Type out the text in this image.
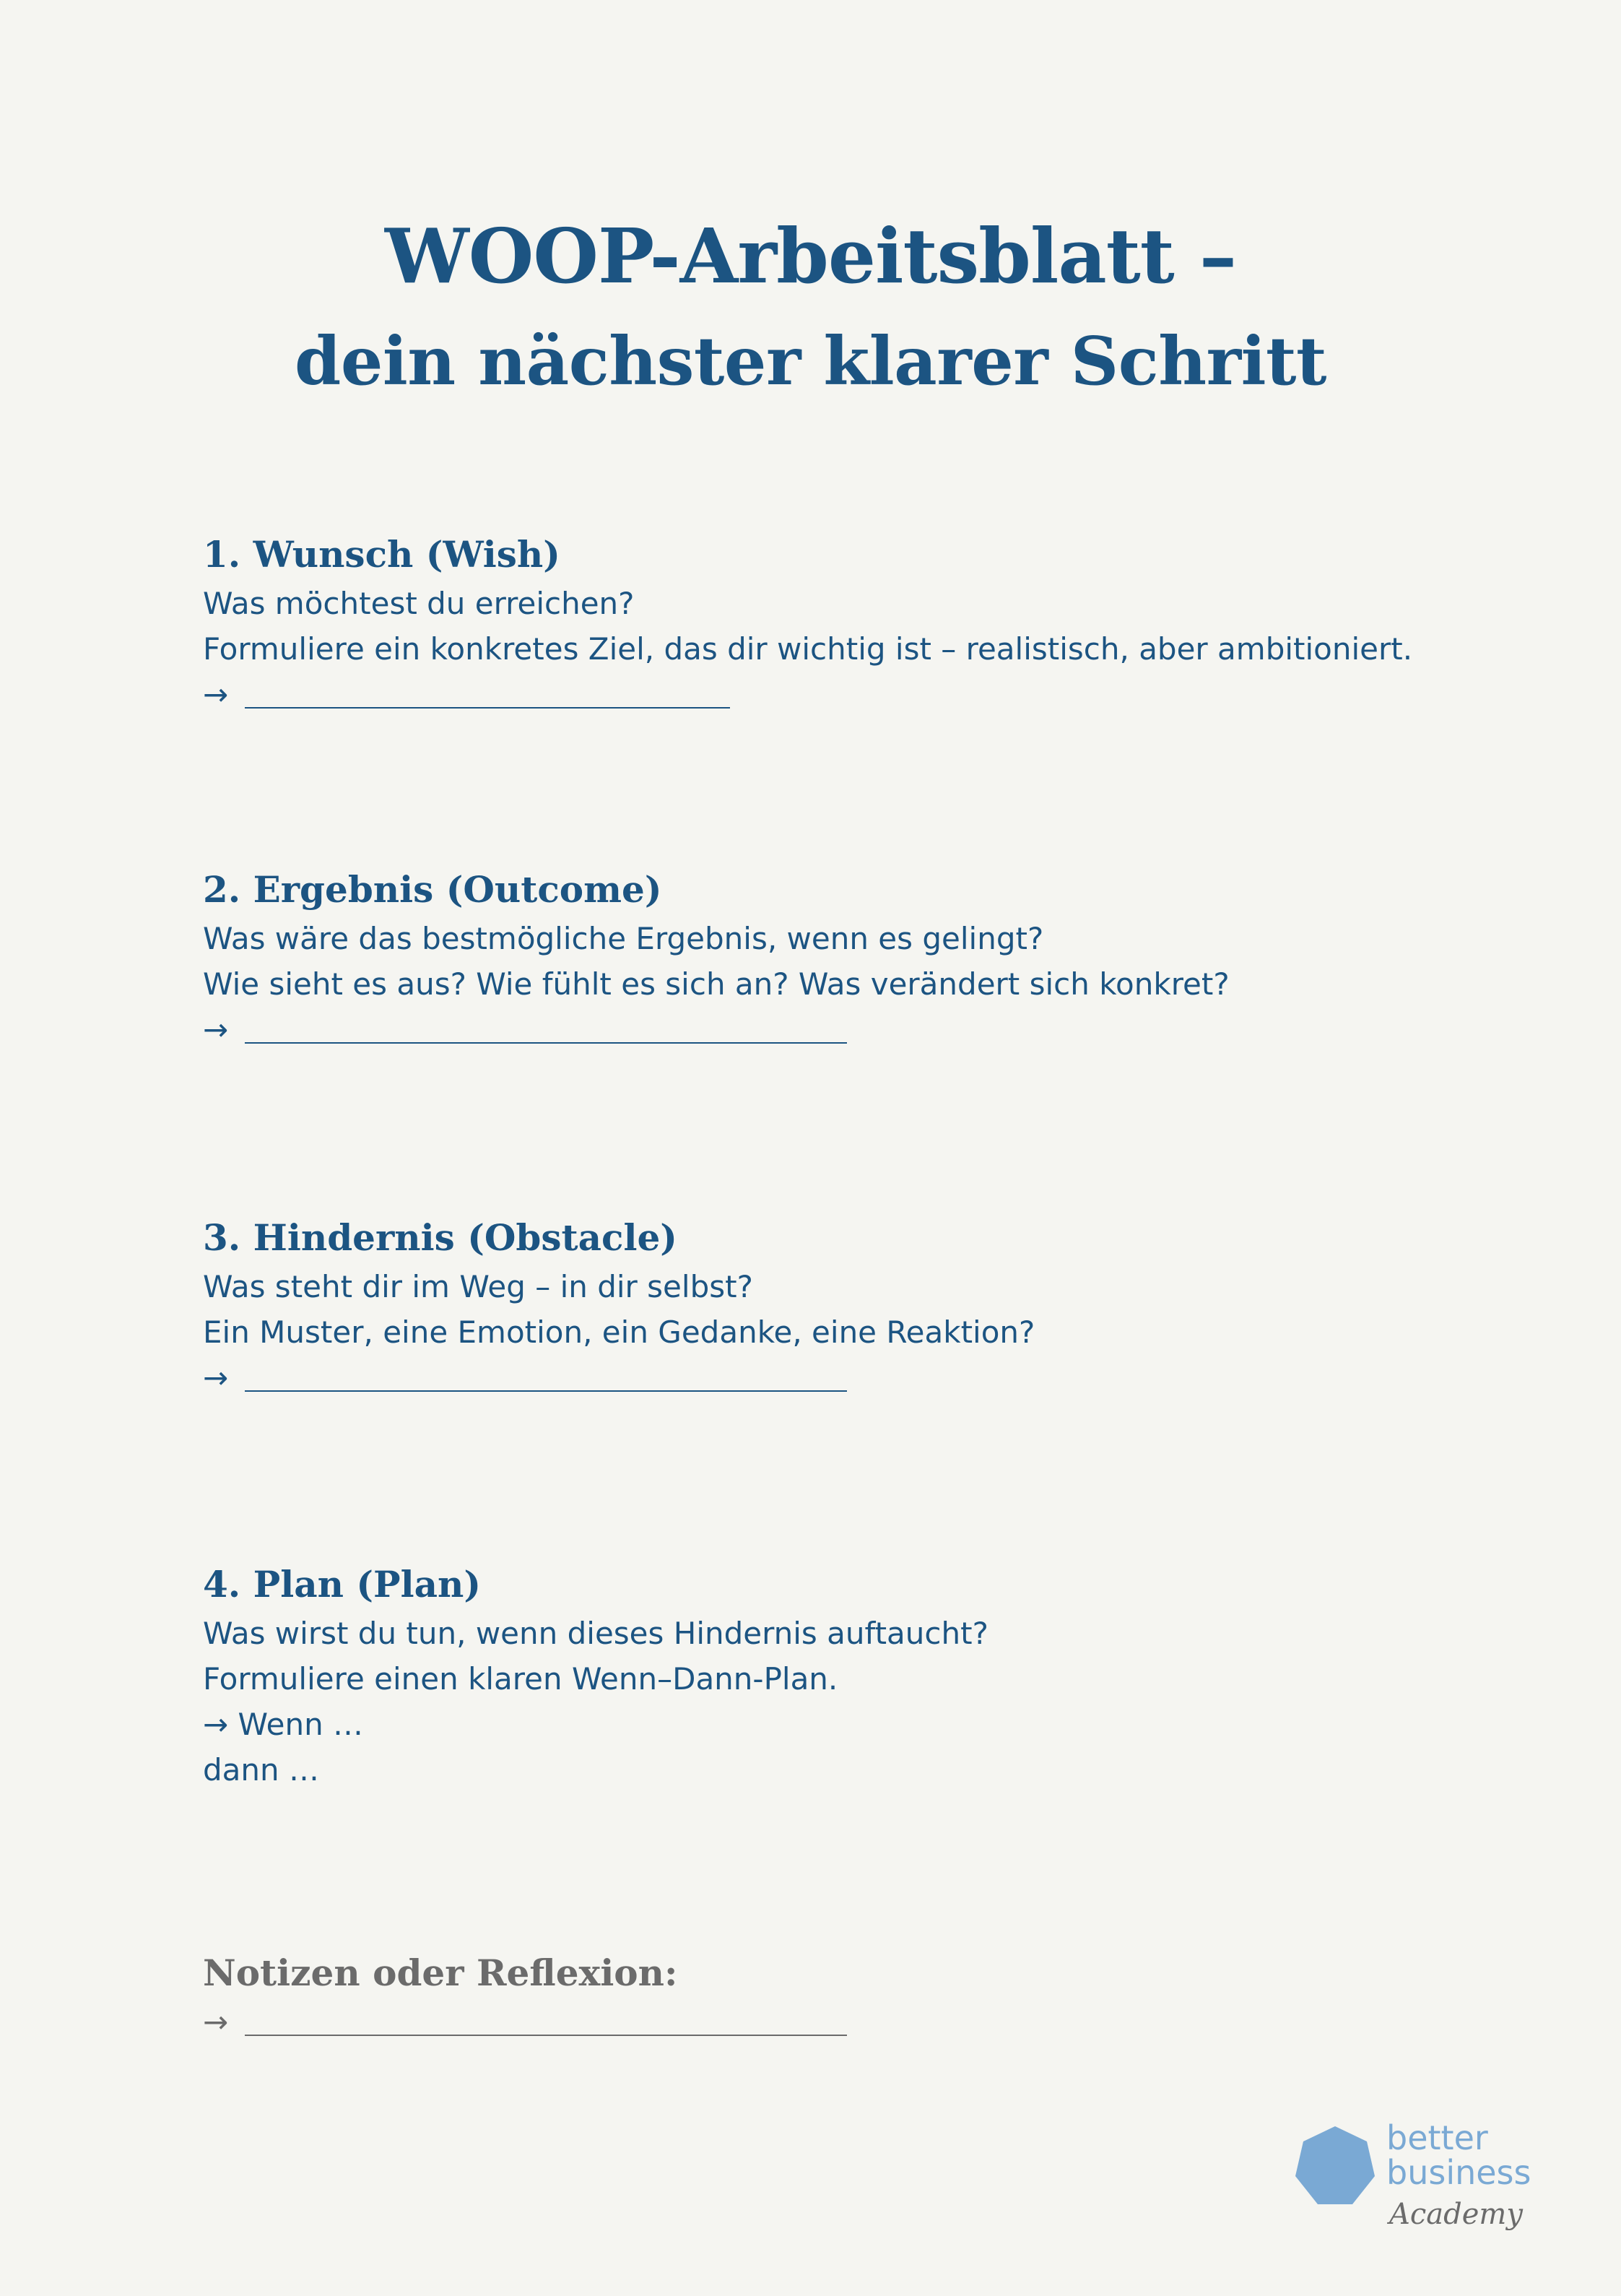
WOOP-Arbeitsblatt –
dein nächster klarer Schritt
1. Wunsch (Wish)
Was möchtest du erreichen?
Formuliere ein konkretes Ziel, das dir wichtig ist – realistisch, aber ambitioniert.
→
2. Ergebnis (Outcome)
Was wäre das bestmögliche Ergebnis, wenn es gelingt?
Wie sieht es aus? Wie fühlt es sich an? Was verändert sich konkret?
→
3. Hindernis (Obstacle)
Was steht dir im Weg – in dir selbst?
Ein Muster, eine Emotion, ein Gedanke, eine Reaktion?
→
4. Plan (Plan)
Was wirst du tun, wenn dieses Hindernis auftaucht?
Formuliere einen klaren Wenn–Dann-Plan.
→ Wenn …
dann …
Notizen oder Reflexion:
→
better
business
Academy
